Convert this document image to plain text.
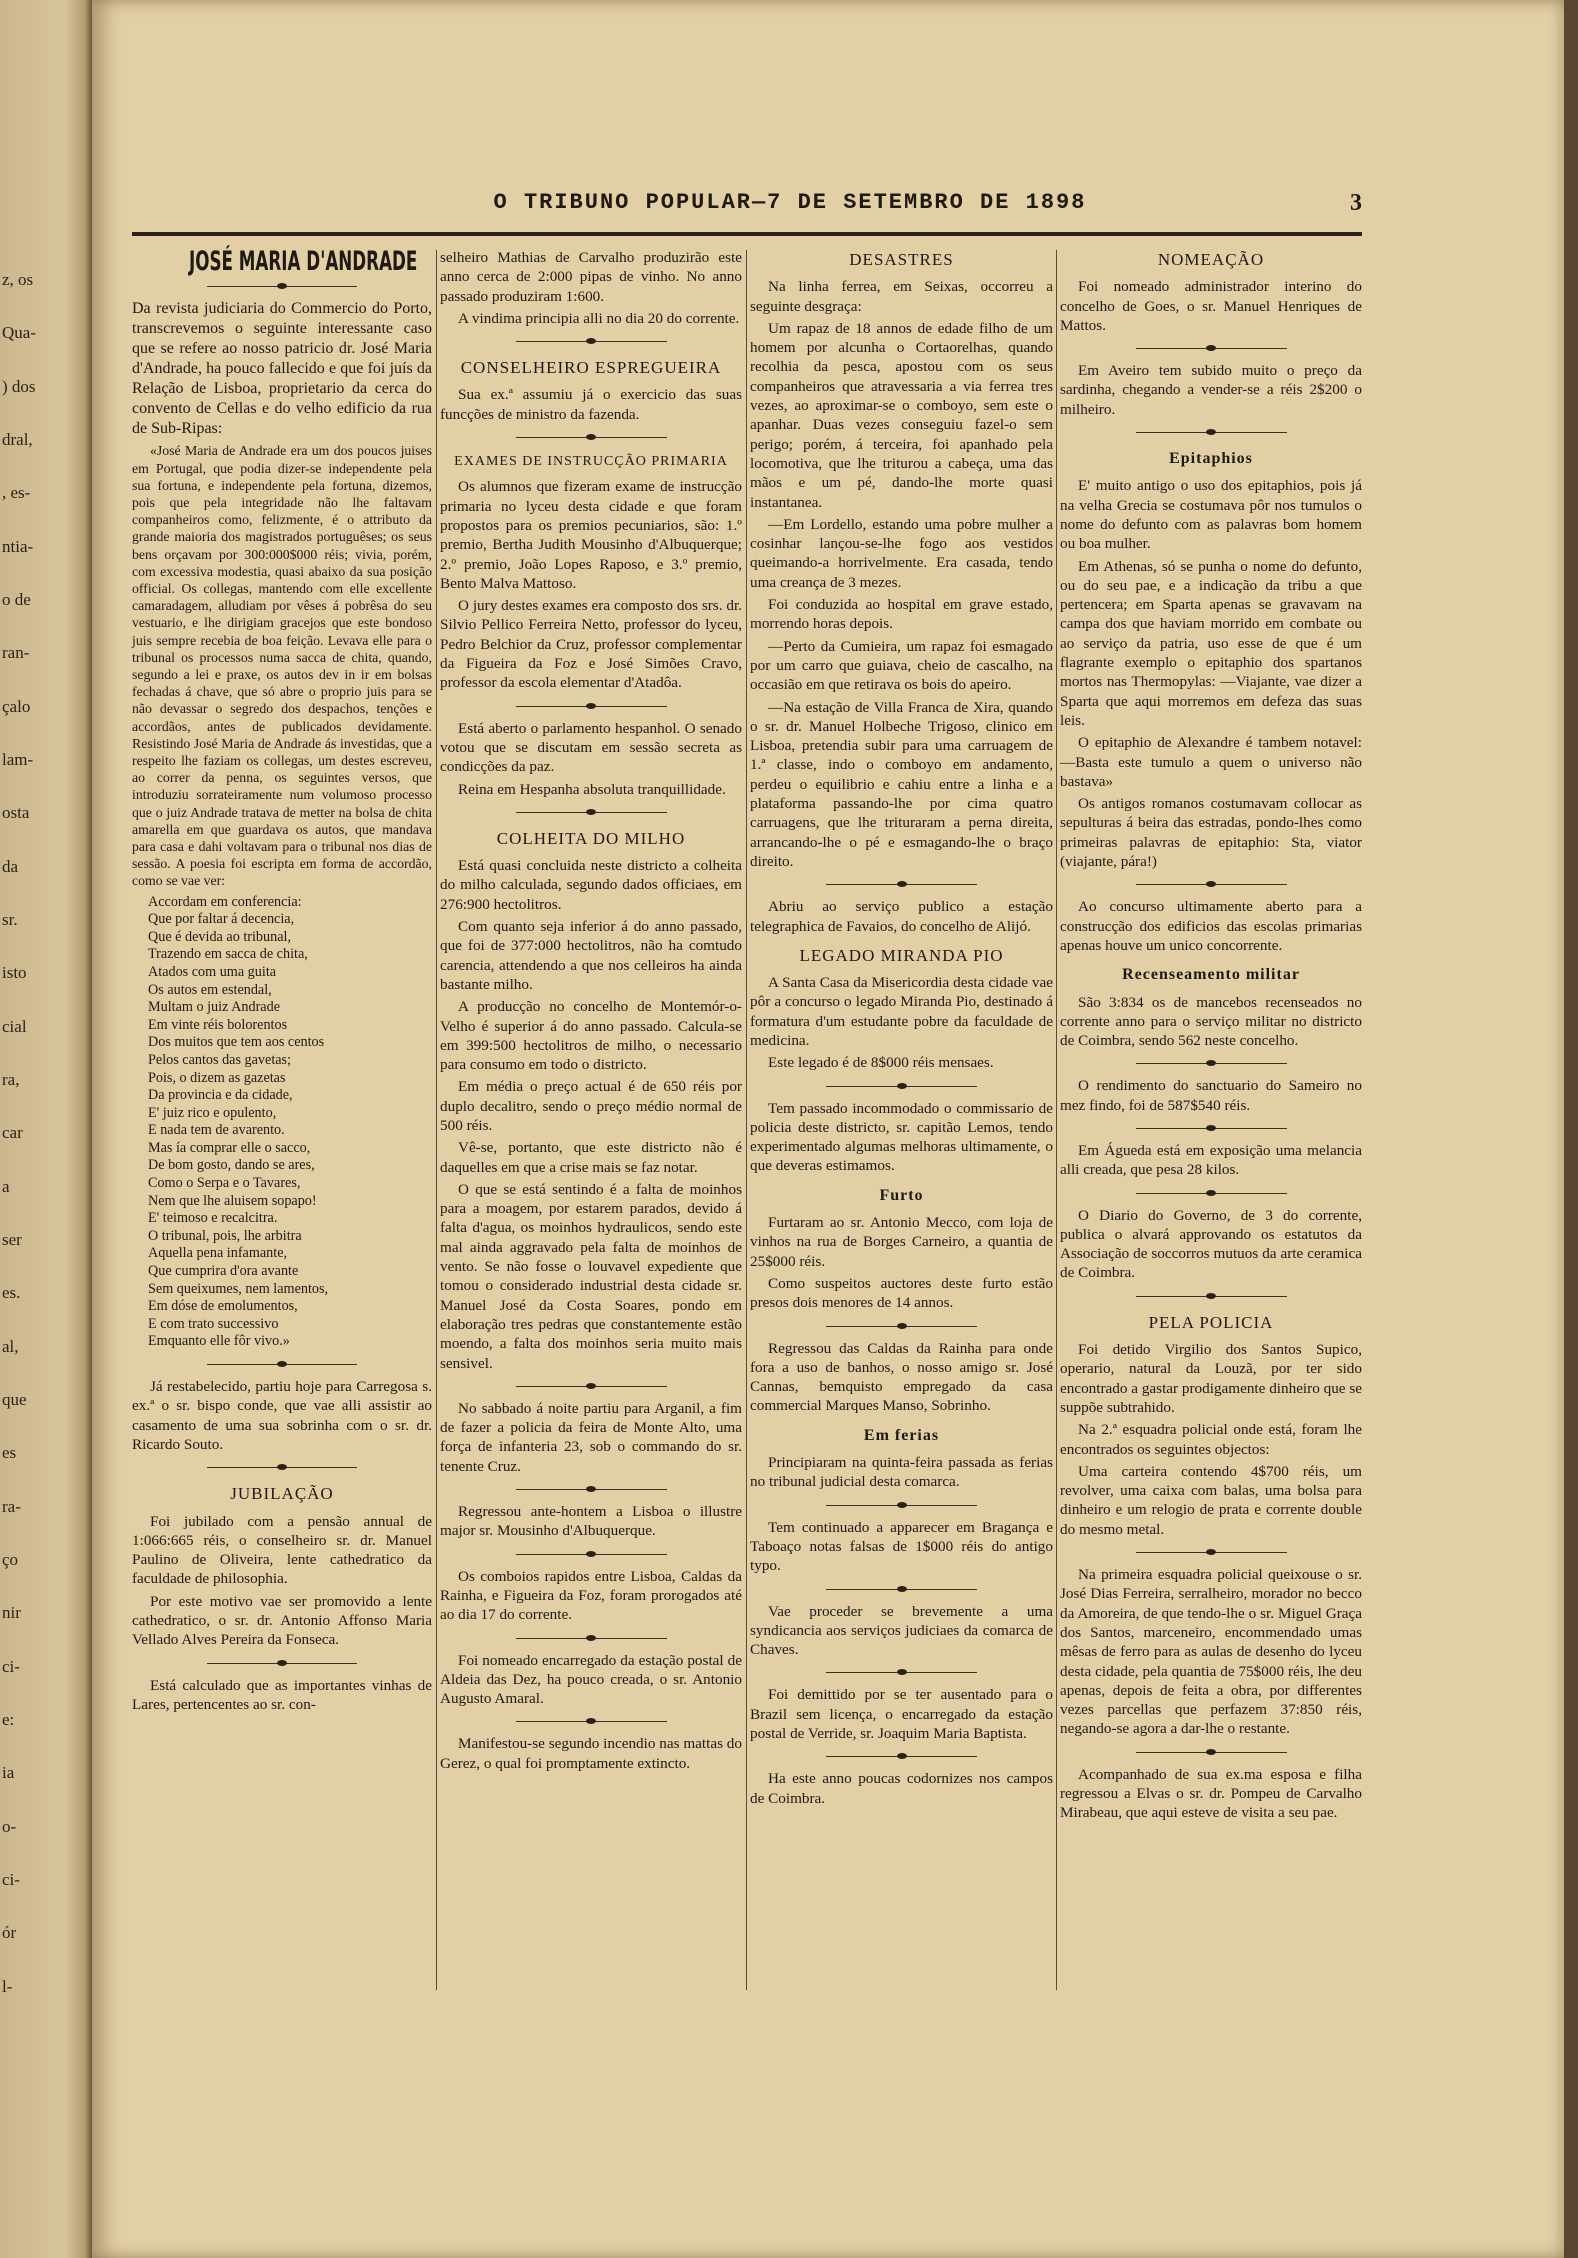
z, os
Qua-
) dos
dral,
, es-
ntia-
o de
ran-
çalo
lam-
osta
da
sr.
isto
cial
ra,
car
a
ser
es.
al,
que
es
ra-
ço
nir
ci-
e:
ia
o-
ci-
ór
l-
O TRIBUNO POPULAR—7 DE SETEMBRO DE 1898	3
JOSÉ MARIA D'ANDRADE

Da revista judiciaria do Commercio do Porto, transcrevemos o seguinte interessante caso que se refere ao nosso patricio dr. José Maria d'Andrade, ha pouco fallecido e que foi juís da Relação de Lisboa, proprietario da cerca do convento de Cellas e do velho edificio da rua de Sub-Ripas:

«José Maria de Andrade era um dos poucos juises em Portugal, que podia dizer-se independente pela sua fortuna, e independente pela fortuna, dizemos, pois que pela integridade não lhe faltavam companheiros como, felizmente, é o attributo da grande maioria dos magistrados portuguêses; os seus bens orçavam por 300:000$000 réis; vivia, porém, com excessiva modestia, quasi abaixo da sua posição official. Os collegas, mantendo com elle excellente camaradagem, alludiam por vêses á pobrêsa do seu vestuario, e lhe dirigiam gracejos que este bondoso juis sempre recebia de boa feição. Levava elle para o tribunal os processos numa sacca de chita, quando, segundo a lei e praxe, os autos dev in ir em bolsas fechadas á chave, que só abre o proprio juis para se não devassar o segredo dos despachos, tenções e accordãos, antes de publicados devidamente. Resistindo José Maria de Andrade ás investidas, que a respeito lhe faziam os collegas, um destes escreveu, ao correr da penna, os seguintes versos, que introduziu sorrateiramente num volumoso processo que o juiz Andrade tratava de metter na bolsa de chita amarella em que guardava os autos, que mandava para casa e dahi voltavam para o tribunal nos dias de sessão. A poesia foi escripta em forma de accordão, como se vae ver:

Accordam em conferencia:
Que por faltar á decencia,
Que é devida ao tribunal,
Trazendo em sacca de chita,
Atados com uma guita
Os autos em estendal,
Multam o juiz Andrade
Em vinte réis bolorentos
Dos muitos que tem aos centos
Pelos cantos das gavetas;
Pois, o dizem as gazetas
Da provincia e da cidade,
E' juiz rico e opulento,
E nada tem de avarento.
Mas ía comprar elle o sacco,
De bom gosto, dando se ares,
Como o Serpa e o Tavares,
Nem que lhe aluisem sopapo!
E' teimoso e recalcitra.
O tribunal, pois, lhe arbitra
Aquella pena infamante,
Que cumprira d'ora avante
Sem queixumes, nem lamentos,
Em dóse de emolumentos,
E com trato successivo
Emquanto elle fôr vivo.»

Já restabelecido, partiu hoje para Carregosa s. ex.ª o sr. bispo conde, que vae alli assistir ao casamento de uma sua sobrinha com o sr. dr. Ricardo Souto.

JUBILAÇÃO

Foi jubilado com a pensão annual de 1:066:665 réis, o conselheiro sr. dr. Manuel Paulino de Oliveira, lente cathedratico da faculdade de philosophia.

Por este motivo vae ser promovido a lente cathedratico, o sr. dr. Antonio Affonso Maria Vellado Alves Pereira da Fonseca.

Está calculado que as importantes vinhas de Lares, pertencentes ao sr. con-

selheiro Mathias de Carvalho produzirão este anno cerca de 2:000 pipas de vinho. No anno passado produziram 1:600.

A vindima principia alli no dia 20 do corrente.

CONSELHEIRO ESPREGUEIRA

Sua ex.ª assumiu já o exercicio das suas funcções de ministro da fazenda.

EXAMES DE INSTRUCÇÃO PRIMARIA

Os alumnos que fizeram exame de instrucção primaria no lyceu desta cidade e que foram propostos para os premios pecuniarios, são: 1.º premio, Bertha Judith Mousinho d'Albuquerque; 2.º premio, João Lopes Raposo, e 3.º premio, Bento Malva Mattoso.

O jury destes exames era composto dos srs. dr. Silvio Pellico Ferreira Netto, professor do lyceu, Pedro Belchior da Cruz, professor complementar da Figueira da Foz e José Simões Cravo, professor da escola elementar d'Atadôa.

Está aberto o parlamento hespanhol. O senado votou que se discutam em sessão secreta as condicções da paz.

Reina em Hespanha absoluta tranquillidade.

COLHEITA DO MILHO

Está quasi concluida neste districto a colheita do milho calculada, segundo dados officiaes, em 276:900 hectolitros.

Com quanto seja inferior á do anno passado, que foi de 377:000 hectolitros, não ha comtudo carencia, attendendo a que nos celleiros ha ainda bastante milho.

A producção no concelho de Montemór-o-Velho é superior á do anno passado. Calcula-se em 399:500 hectolitros de milho, o necessario para consumo em todo o districto.

Em média o preço actual é de 650 réis por duplo decalitro, sendo o preço médio normal de 500 réis.

Vê-se, portanto, que este districto não é daquelles em que a crise mais se faz notar.

O que se está sentindo é a falta de moinhos para a moagem, por estarem parados, devido á falta d'agua, os moinhos hydraulicos, sendo este mal ainda aggravado pela falta de moinhos de vento. Se não fosse o louvavel expediente que tomou o considerado industrial desta cidade sr. Manuel José da Costa Soares, pondo em elaboração tres pedras que constantemente estão moendo, a falta dos moinhos seria muito mais sensivel.

No sabbado á noite partiu para Arganil, a fim de fazer a policia da feira de Monte Alto, uma força de infanteria 23, sob o commando do sr. tenente Cruz.

Regressou ante-hontem a Lisboa o illustre major sr. Mousinho d'Albuquerque.

Os comboios rapidos entre Lisboa, Caldas da Rainha, e Figueira da Foz, foram prorogados até ao dia 17 do corrente.

Foi nomeado encarregado da estação postal de Aldeia das Dez, ha pouco creada, o sr. Antonio Augusto Amaral.

Manifestou-se segundo incendio nas mattas do Gerez, o qual foi promptamente extincto.

DESASTRES

Na linha ferrea, em Seixas, occorreu a seguinte desgraça:

Um rapaz de 18 annos de edade filho de um homem por alcunha o Cortaorelhas, quando recolhia da pesca, apostou com os seus companheiros que atravessaria a via ferrea tres vezes, ao aproximar-se o comboyo, sem este o apanhar. Duas vezes conseguiu fazel-o sem perigo; porém, á terceira, foi apanhado pela locomotiva, que lhe triturou a cabeça, uma das mãos e um pé, dando-lhe morte quasi instantanea.

—Em Lordello, estando uma pobre mulher a cosinhar lançou-se-lhe fogo aos vestidos queimando-a horrivelmente. Era casada, tendo uma creança de 3 mezes.

Foi conduzida ao hospital em grave estado, morrendo horas depois.

—Perto da Cumieira, um rapaz foi esmagado por um carro que guiava, cheio de cascalho, na occasião em que retirava os bois do apeiro.

—Na estação de Villa Franca de Xira, quando o sr. dr. Manuel Holbeche Trigoso, clinico em Lisboa, pretendia subir para uma carruagem de 1.ª classe, indo o comboyo em andamento, perdeu o equilibrio e cahiu entre a linha e a plataforma passando-lhe por cima quatro carruagens, que lhe trituraram a perna direita, arrancando-lhe o pé e esmagando-lhe o braço direito.

Abriu ao serviço publico a estação telegraphica de Favaios, do concelho de Alijó.

LEGADO MIRANDA PIO

A Santa Casa da Misericordia desta cidade vae pôr a concurso o legado Miranda Pio, destinado á formatura d'um estudante pobre da faculdade de medicina.

Este legado é de 8$000 réis mensaes.

Tem passado incommodado o commissario de policia deste districto, sr. capitão Lemos, tendo experimentado algumas melhoras ultimamente, o que deveras estimamos.

Furto

Furtaram ao sr. Antonio Mecco, com loja de vinhos na rua de Borges Carneiro, a quantia de 25$000 réis.

Como suspeitos auctores deste furto estão presos dois menores de 14 annos.

Regressou das Caldas da Rainha para onde fora a uso de banhos, o nosso amigo sr. José Cannas, bemquisto empregado da casa commercial Marques Manso, Sobrinho.

Em ferias

Principiaram na quinta-feira passada as ferias no tribunal judicial desta comarca.

Tem continuado a apparecer em Bragança e Taboaço notas falsas de 1$000 réis do antigo typo.

Vae proceder se brevemente a uma syndicancia aos serviços judiciaes da comarca de Chaves.

Foi demittido por se ter ausentado para o Brazil sem licença, o encarregado da estação postal de Verride, sr. Joaquim Maria Baptista.

Ha este anno poucas codornizes nos campos de Coimbra.

NOMEAÇÃO

Foi nomeado administrador interino do concelho de Goes, o sr. Manuel Henriques de Mattos.

Em Aveiro tem subido muito o preço da sardinha, chegando a vender-se a réis 2$200 o milheiro.

Epitaphios

E' muito antigo o uso dos epitaphios, pois já na velha Grecia se costumava pôr nos tumulos o nome do defunto com as palavras bom homem ou boa mulher.

Em Athenas, só se punha o nome do defunto, ou do seu pae, e a indicação da tribu a que pertencera; em Sparta apenas se gravavam na campa dos que haviam morrido em combate ou ao serviço da patria, uso esse de que é um flagrante exemplo o epitaphio dos spartanos mortos nas Thermopylas: —Viajante, vae dizer a Sparta que aqui morremos em defeza das suas leis.

O epitaphio de Alexandre é tambem notavel:—Basta este tumulo a quem o universo não bastava»

Os antigos romanos costumavam collocar as sepulturas á beira das estradas, pondo-lhes como primeiras palavras de epitaphio: Sta, viator (viajante, pára!)

Ao concurso ultimamente aberto para a construcção dos edificios das escolas primarias apenas houve um unico concorrente.

Recenseamento militar

São 3:834 os de mancebos recenseados no corrente anno para o serviço militar no districto de Coimbra, sendo 562 neste concelho.

O rendimento do sanctuario do Sameiro no mez findo, foi de 587$540 réis.

Em Águeda está em exposição uma melancia alli creada, que pesa 28 kilos.

O Diario do Governo, de 3 do corrente, publica o alvará approvando os estatutos da Associação de soccorros mutuos da arte ceramica de Coimbra.

PELA POLICIA

Foi detido Virgilio dos Santos Supico, operario, natural da Louzã, por ter sido encontrado a gastar prodigamente dinheiro que se suppõe subtrahido.

Na 2.ª esquadra policial onde está, foram lhe encontrados os seguintes objectos:

Uma carteira contendo 4$700 réis, um revolver, uma caixa com balas, uma bolsa para dinheiro e um relogio de prata e corrente double do mesmo metal.

Na primeira esquadra policial queixouse o sr. José Dias Ferreira, serralheiro, morador no becco da Amoreira, de que tendo-lhe o sr. Miguel Graça dos Santos, marceneiro, encommendado umas mêsas de ferro para as aulas de desenho do lyceu desta cidade, pela quantia de 75$000 réis, lhe deu apenas, depois de feita a obra, por differentes vezes parcellas que perfazem 37:850 réis, negando-se agora a dar-lhe o restante.

Acompanhado de sua ex.ma esposa e filha regressou a Elvas o sr. dr. Pompeu de Carvalho Mirabeau, que aqui esteve de visita a seu pae.
